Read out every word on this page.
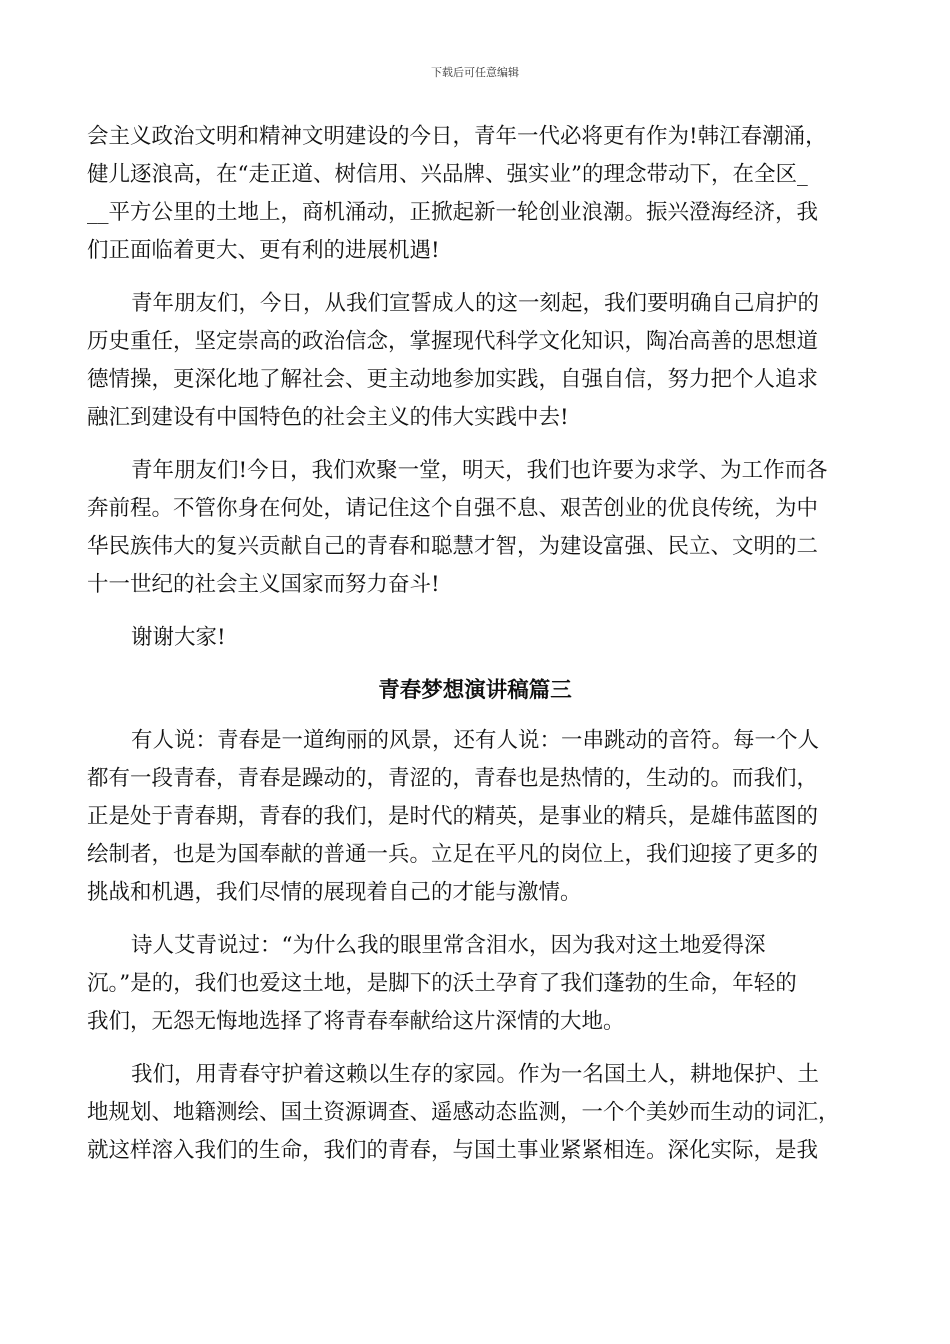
下载后可任意编辑
会主义政治文明和精神文明建设的今日，青年一代必将更有作为!韩江春潮涌，
健儿逐浪高，在“走正道、树信用、兴品牌、强实业”的理念带动下，在全区_
__平方公里的土地上，商机涌动，正掀起新一轮创业浪潮。振兴澄海经济，我
们正面临着更大、更有利的进展机遇!
青年朋友们，今日，从我们宣誓成人的这一刻起，我们要明确自己肩护的
历史重任，坚定崇高的政治信念，掌握现代科学文化知识，陶冶高善的思想道
德情操，更深化地了解社会、更主动地参加实践，自强自信，努力把个人追求
融汇到建设有中国特色的社会主义的伟大实践中去!
青年朋友们!今日，我们欢聚一堂，明天，我们也许要为求学、为工作而各
奔前程。不管你身在何处，请记住这个自强不息、艰苦创业的优良传统，为中
华民族伟大的复兴贡献自己的青春和聪慧才智，为建设富强、民立、文明的二
十一世纪的社会主义国家而努力奋斗!
谢谢大家!
青春梦想演讲稿篇三
有人说：青春是一道绚丽的风景，还有人说：一串跳动的音符。每一个人
都有一段青春，青春是躁动的，青涩的，青春也是热情的，生动的。而我们，
正是处于青春期，青春的我们，是时代的精英，是事业的精兵，是雄伟蓝图的
绘制者，也是为国奉献的普通一兵。立足在平凡的岗位上，我们迎接了更多的
挑战和机遇，我们尽情的展现着自己的才能与激情。
诗人艾青说过：“为什么我的眼里常含泪水，因为我对这土地爱得深
沉。”是的，我们也爱这土地，是脚下的沃土孕育了我们蓬勃的生命，年轻的
我们，无怨无悔地选择了将青春奉献给这片深情的大地。
我们，用青春守护着这赖以生存的家园。作为一名国土人，耕地保护、土
地规划、地籍测绘、国土资源调查、遥感动态监测，一个个美妙而生动的词汇，
就这样溶入我们的生命，我们的青春，与国土事业紧紧相连。深化实际，是我
